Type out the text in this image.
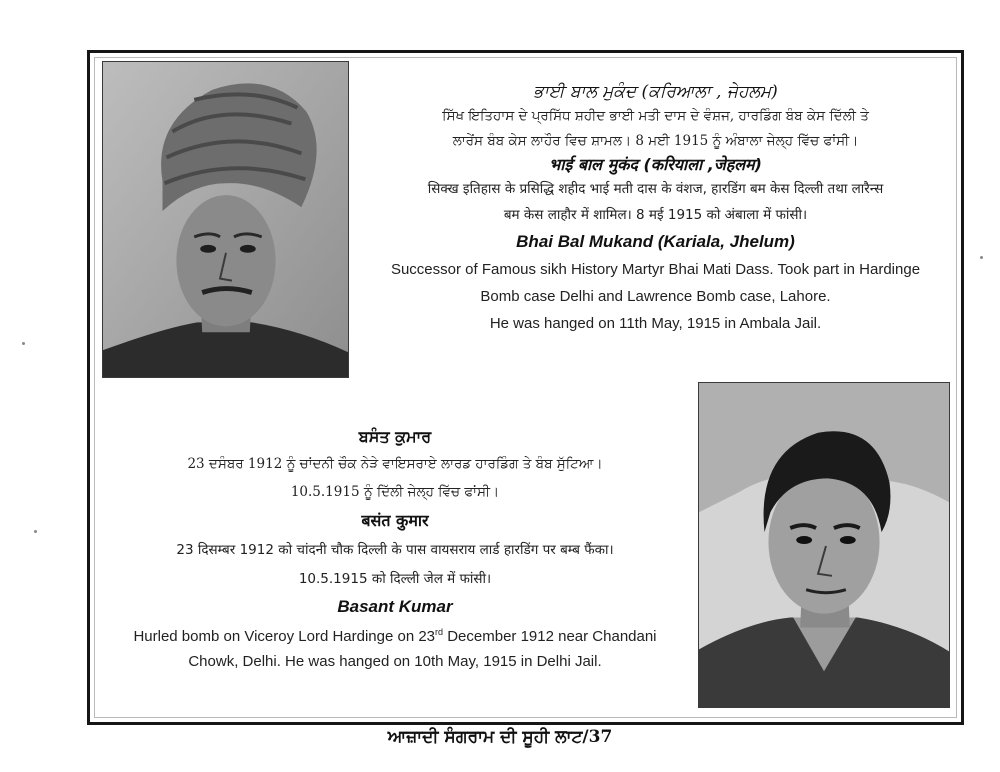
ਭਾਈ ਬਾਲ ਮੁਕੰਦ (ਕਰਿਆਲਾ , ਜੇਹਲਮ)
ਸਿੱਖ ਇਤਿਹਾਸ ਦੇ ਪ੍ਰਸਿੱਧ ਸ਼ਹੀਦ ਭਾਈ ਮਤੀ ਦਾਸ ਦੇ ਵੰਸ਼ਜ, ਹਾਰਡਿੰਗ ਬੰਬ ਕੇਸ ਦਿੱਲੀ ਤੇ
ਲਾਰੇਂਸ ਬੰਬ ਕੇਸ ਲਾਹੌਰ ਵਿਚ ਸ਼ਾਮਲ। 8 ਮਈ 1915 ਨੂੰ ਅੰਬਾਲਾ ਜੇਲ੍ਹ ਵਿੱਚ ਫਾਂਸੀ।
भाई बाल मुकंद (करियाला ,जेहलम)
सिक्ख इतिहास के प्रसिद्धि शहीद भाई मती दास के वंशज, हारडिंग बम केस दिल्ली तथा लारैन्स
बम केस लाहौर में शामिल। 8 मई 1915 को अंबाला में फांसी।
Bhai Bal Mukand (Kariala, Jhelum)
Successor of Famous sikh History Martyr Bhai Mati Dass. Took part in Hardinge
Bomb case Delhi and Lawrence Bomb case, Lahore.
He was hanged on 11th May, 1915 in Ambala Jail.
ਬਸੰਤ ਕੁਮਾਰ
23 ਦਸੰਬਰ 1912 ਨੂੰ ਚਾਂਦਨੀ ਚੌਕ ਨੇੜੇ ਵਾਇਸਰਾਏ ਲਾਰਡ ਹਾਰਡਿੰਗ ਤੇ ਬੰਬ ਸੁੱਟਿਆ।
10.5.1915 ਨੂੰ ਦਿੱਲੀ ਜੇਲ੍ਹ ਵਿੱਚ ਫਾਂਸੀ।
बसंत कुमार
23 दिसम्बर 1912 को चांदनी चौक दिल्ली के पास वायसराय लार्ड हारडिंग पर बम्ब फैंका।
10.5.1915 को दिल्ली जेल में फांसी।
Basant Kumar
Hurled bomb on Viceroy Lord Hardinge on 23rd December 1912 near Chandani
Chowk, Delhi. He was hanged on 10th May, 1915 in Delhi Jail.
ਆਜ਼ਾਦੀ ਸੰਗਰਾਮ ਦੀ ਸੂਹੀ ਲਾਟ/37
